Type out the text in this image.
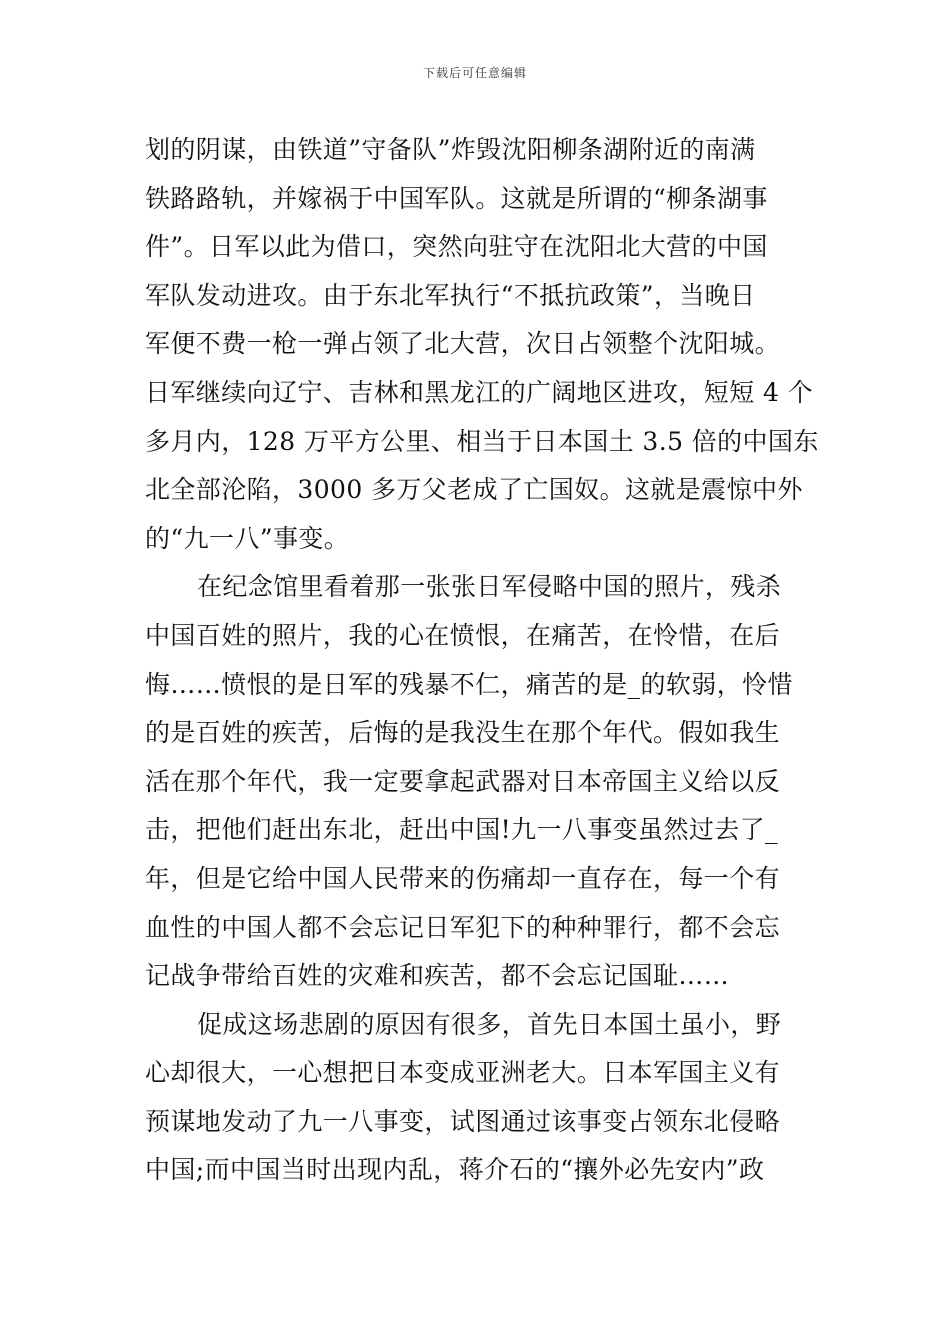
下载后可任意编辑
划的阴谋，由铁道”守备队”炸毁沈阳柳条湖附近的南满
铁路路轨，并嫁祸于中国军队。这就是所谓的“柳条湖事
件”。日军以此为借口，突然向驻守在沈阳北大营的中国
军队发动进攻。由于东北军执行“不抵抗政策”，当晚日
军便不费一枪一弹占领了北大营，次日占领整个沈阳城。
日军继续向辽宁、吉林和黑龙江的广阔地区进攻，短短 4 个
多月内，128 万平方公里、相当于日本国土 3.5 倍的中国东
北全部沦陷，3000 多万父老成了亡国奴。这就是震惊中外
的“九一八”事变。
在纪念馆里看着那一张张日军侵略中国的照片，残杀
中国百姓的照片，我的心在愤恨，在痛苦，在怜惜，在后
悔……愤恨的是日军的残暴不仁，痛苦的是_的软弱，怜惜
的是百姓的疾苦，后悔的是我没生在那个年代。假如我生
活在那个年代，我一定要拿起武器对日本帝国主义给以反
击，把他们赶出东北，赶出中国!九一八事变虽然过去了_
年，但是它给中国人民带来的伤痛却一直存在，每一个有
血性的中国人都不会忘记日军犯下的种种罪行，都不会忘
记战争带给百姓的灾难和疾苦，都不会忘记国耻……
促成这场悲剧的原因有很多，首先日本国土虽小，野
心却很大，一心想把日本变成亚洲老大。日本军国主义有
预谋地发动了九一八事变，试图通过该事变占领东北侵略
中国;而中国当时出现内乱，蒋介石的“攘外必先安内”政
